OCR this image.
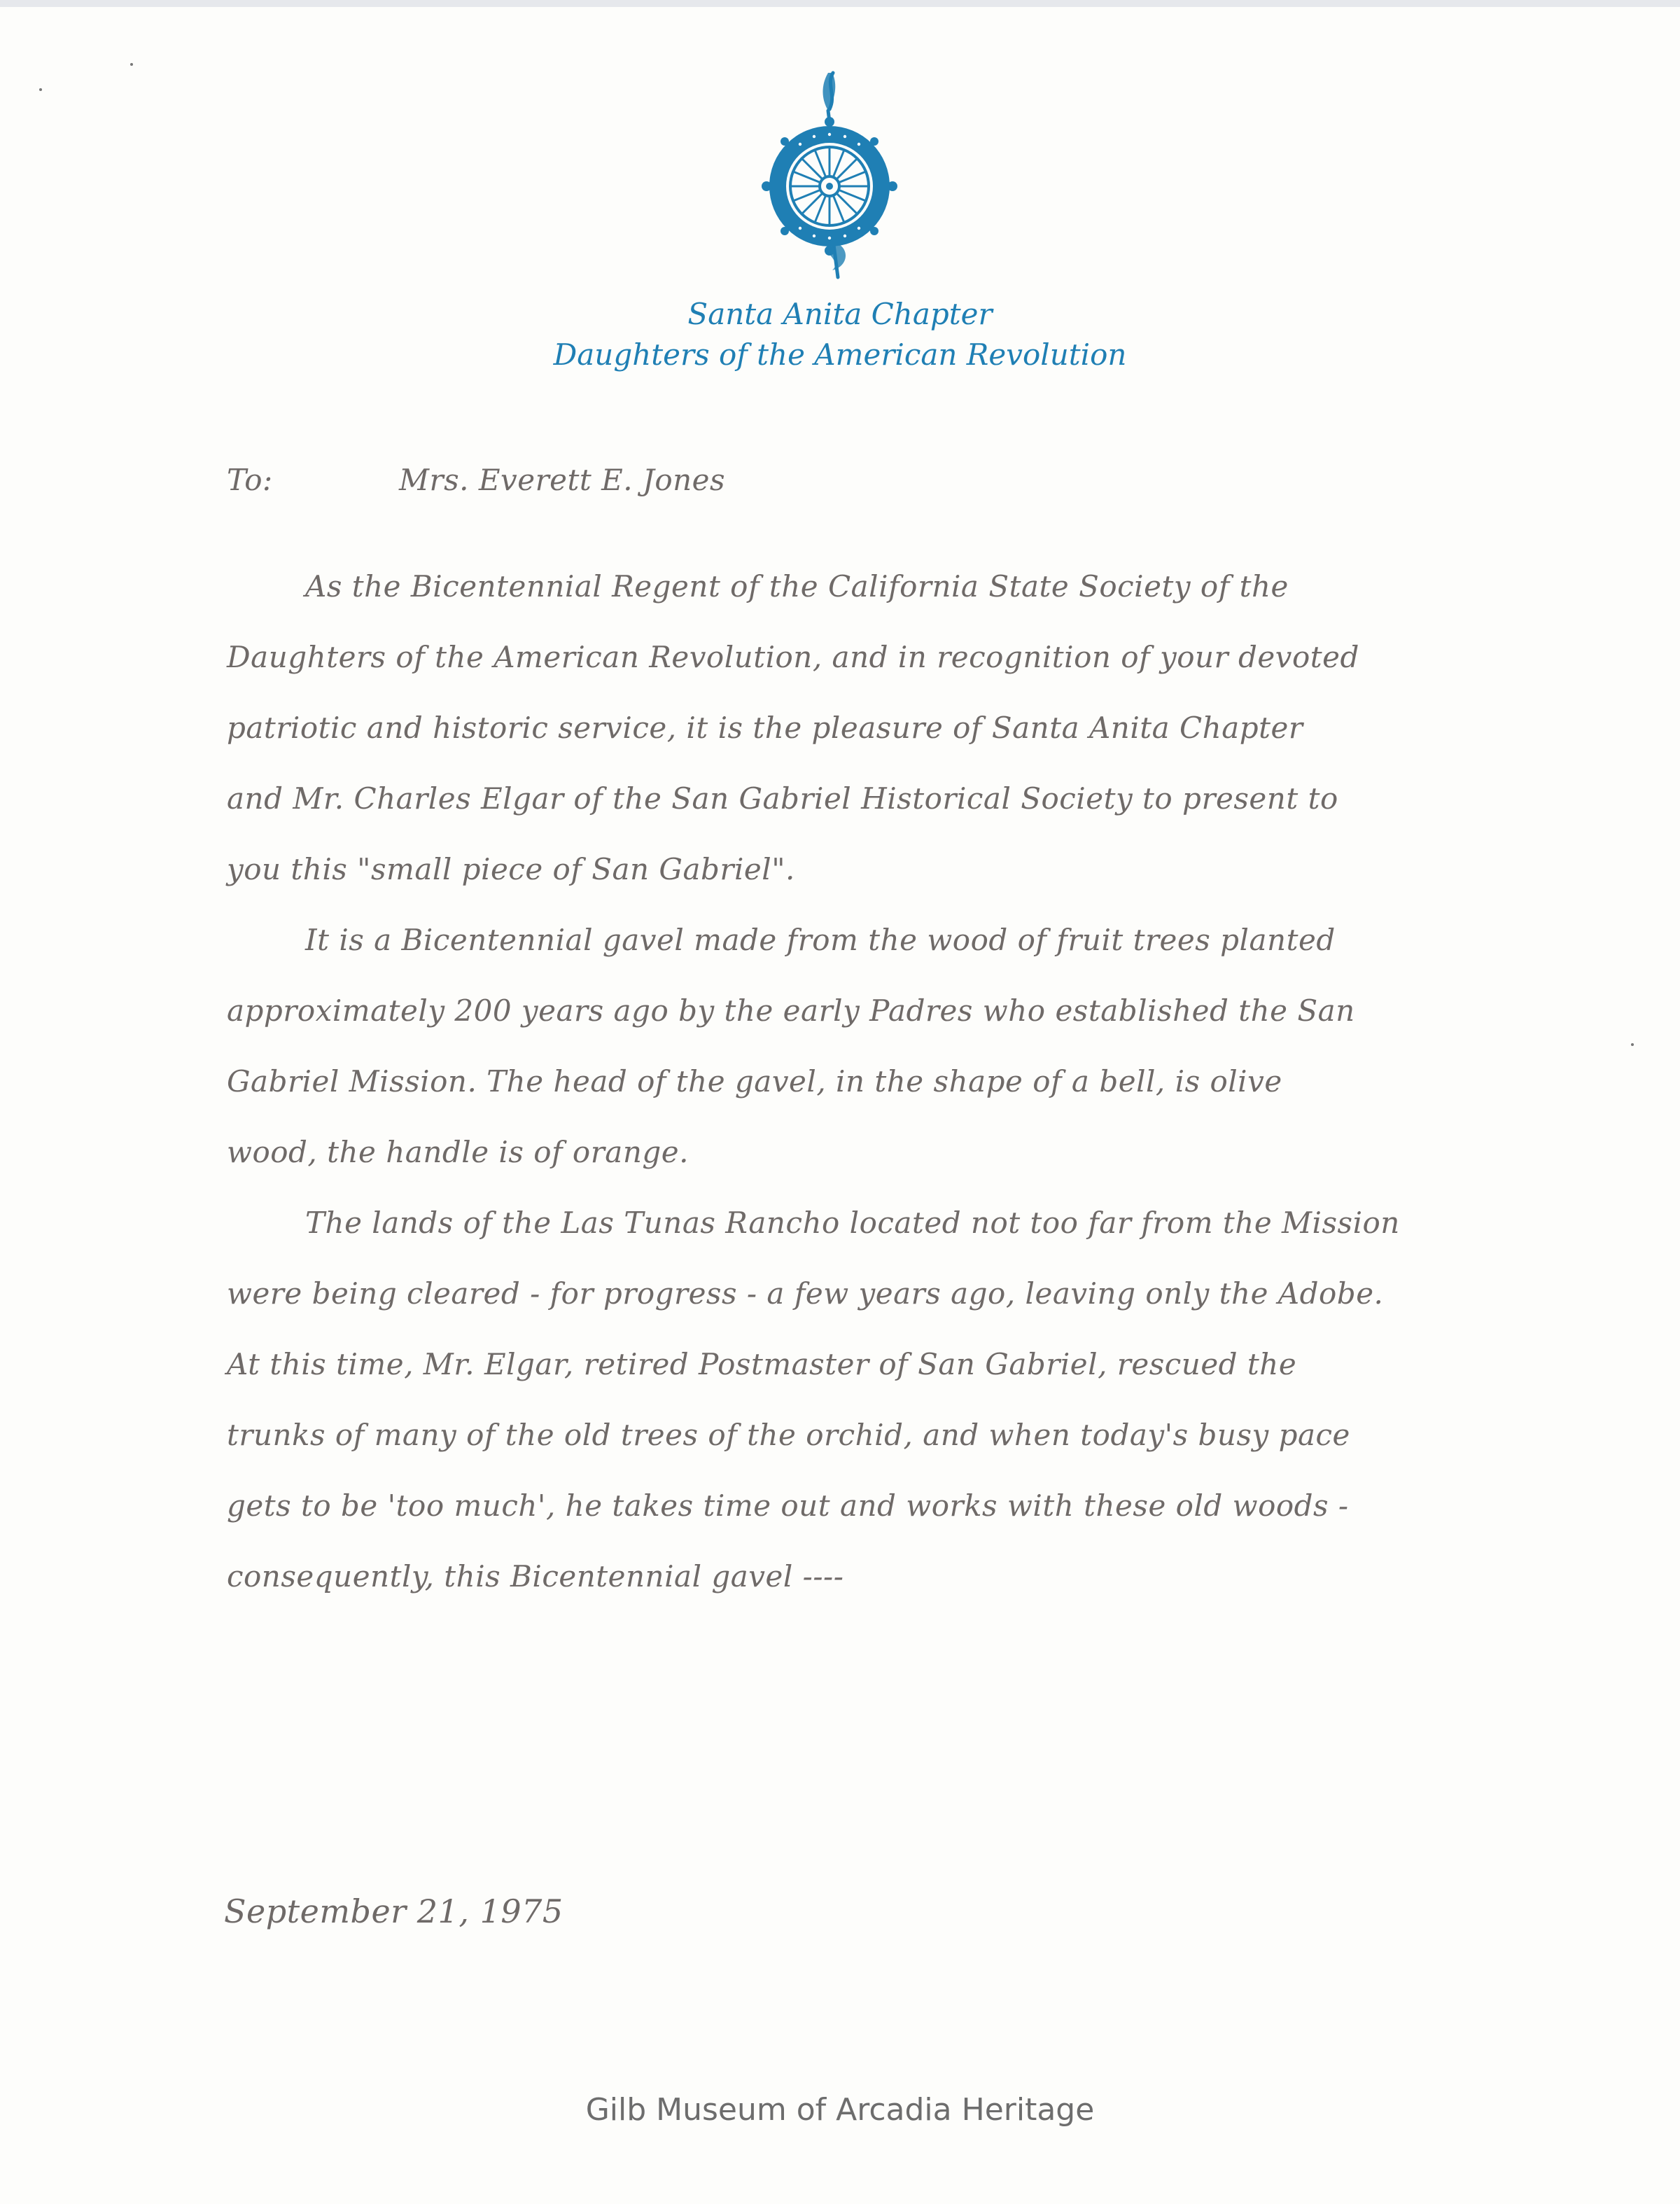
Santa Anita Chapter
Daughters of the American Revolution
To:	Mrs. Everett E. Jones
As the Bicentennial Regent of the California State Society of the
Daughters of the American Revolution, and in recognition of your devoted
patriotic and historic service, it is the pleasure of Santa Anita Chapter
and Mr. Charles Elgar of the San Gabriel Historical Society to present to
you this "small piece of San Gabriel".
It is a Bicentennial gavel made from the wood of fruit trees planted
approximately 200 years ago by the early Padres who established the San
Gabriel Mission. The head of the gavel, in the shape of a bell, is olive
wood, the handle is of orange.
The lands of the Las Tunas Rancho located not too far from the Mission
were being cleared - for progress - a few years ago, leaving only the Adobe.
At this time, Mr. Elgar, retired Postmaster of San Gabriel, rescued the
trunks of many of the old trees of the orchid, and when today's busy pace
gets to be 'too much', he takes time out and works with these old woods -
consequently, this Bicentennial gavel ----
September 21, 1975
Gilb Museum of Arcadia Heritage
